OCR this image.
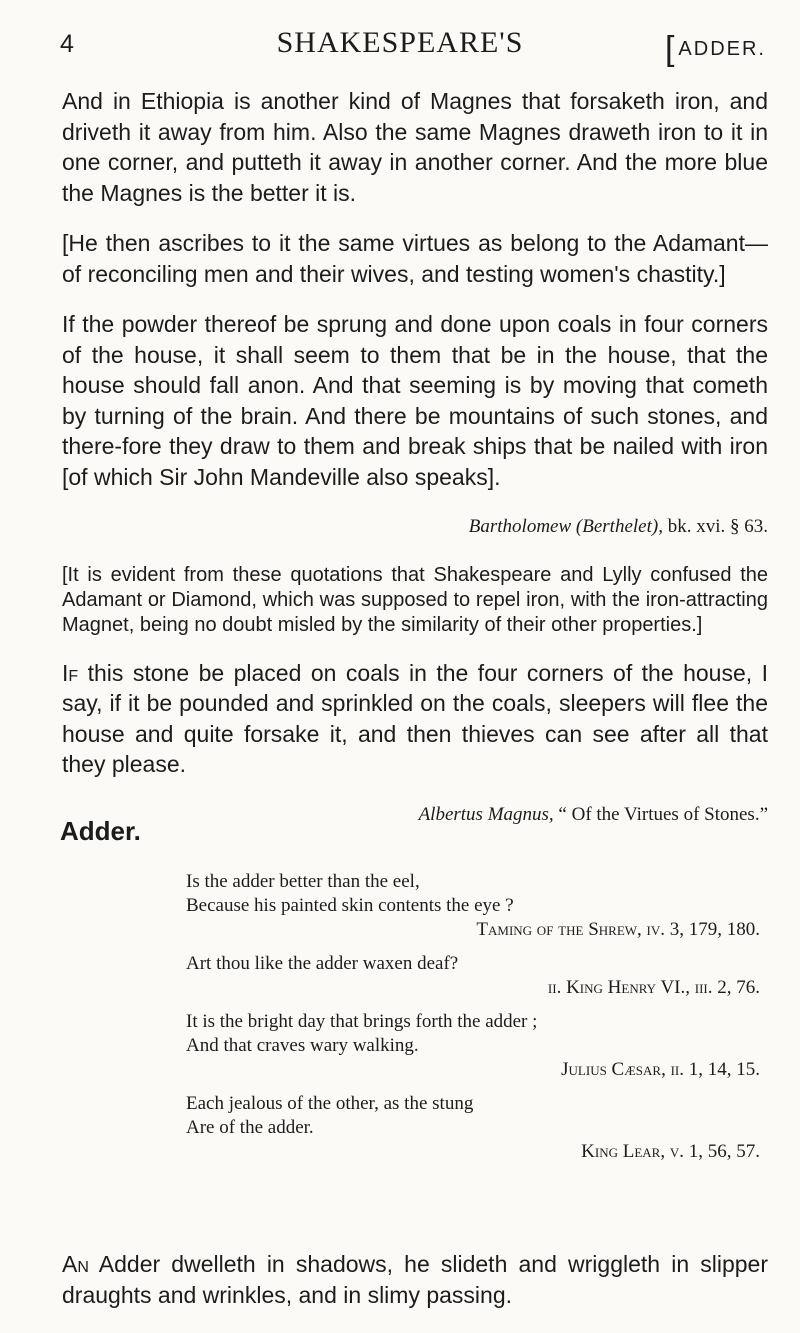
4	SHAKESPEARE'S	[ ADDER.

And in Ethiopia is another kind of Magnes that forsaketh iron, and driveth it away from him. Also the same Magnes draweth iron to it in one corner, and putteth it away in another corner. And the more blue the Magnes is the better it is.

[He then ascribes to it the same virtues as belong to the Adamant—of reconciling men and their wives, and testing women's chastity.]

If the powder thereof be sprung and done upon coals in four corners of the house, it shall seem to them that be in the house, that the house should fall anon. And that seeming is by moving that cometh by turning of the brain. And there be mountains of such stones, and there-fore they draw to them and break ships that be nailed with iron [of which Sir John Mandeville also speaks].

Bartholomew (Berthelet), bk. xvi. § 63.

[It is evident from these quotations that Shakespeare and Lylly confused the Adamant or Diamond, which was supposed to repel iron, with the iron-attracting Magnet, being no doubt misled by the similarity of their other properties.]

If this stone be placed on coals in the four corners of the house, I say, if it be pounded and sprinkled on the coals, sleepers will flee the house and quite forsake it, and then thieves can see after all that they please.

Albertus Magnus, “ Of the Virtues of Stones.”

Adder.
Is the adder better than the eel,
Because his painted skin contents the eye ?
Taming of the Shrew, iv. 3, 179, 180.
Art thou like the adder waxen deaf?
ii. King Henry VI., iii. 2, 76.
It is the bright day that brings forth the adder ;
And that craves wary walking.
Julius Cæsar, ii. 1, 14, 15.
Each jealous of the other, as the stung
Are of the adder.
King Lear, v. 1, 56, 57.
An Adder dwelleth in shadows, he slideth and wriggleth in slipper draughts and wrinkles, and in slimy passing.
